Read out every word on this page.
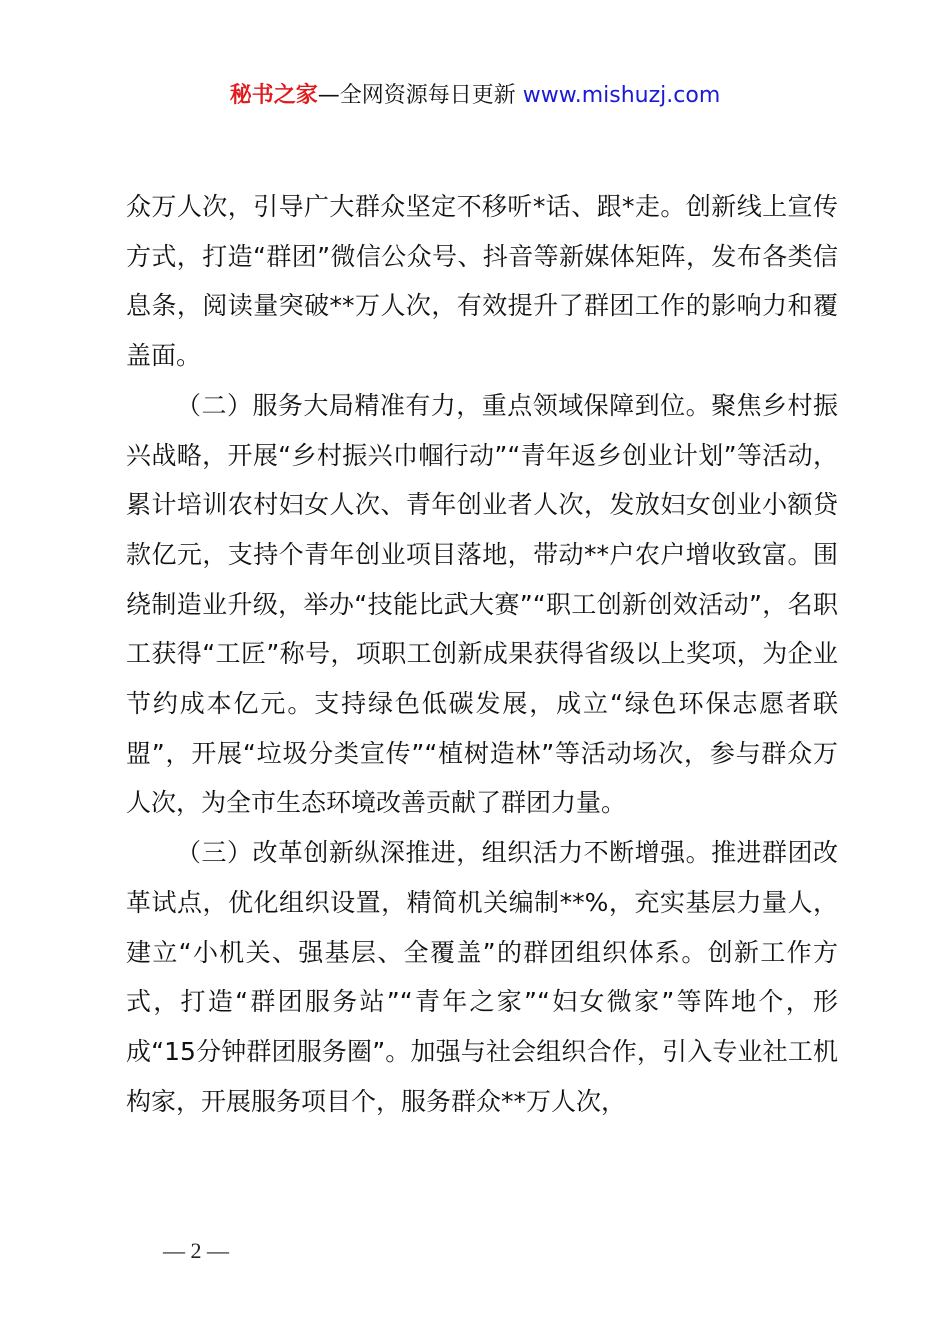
秘书之家—全网资源每日更新 www.mishuzj.com

众万人次，引导广大群众坚定不移听*话、跟*走。创新线上宣传方式，打造“群团”微信公众号、抖音等新媒体矩阵，发布各类信息条，阅读量突破**万人次，有效提升了群团工作的影响力和覆盖面。

（二）服务大局精准有力，重点领域保障到位。聚焦乡村振兴战略，开展“乡村振兴巾帼行动”“青年返乡创业计划”等活动，累计培训农村妇女人次、青年创业者人次，发放妇女创业小额贷款亿元，支持个青年创业项目落地，带动**户农户增收致富。围绕制造业升级，举办“技能比武大赛”“职工创新创效活动”，名职工获得“工匠”称号，项职工创新成果获得省级以上奖项，为企业节约成本亿元。支持绿色低碳发展，成立“绿色环保志愿者联盟”，开展“垃圾分类宣传”“植树造林”等活动场次，参与群众万人次，为全市生态环境改善贡献了群团力量。

（三）改革创新纵深推进，组织活力不断增强。推进群团改革试点，优化组织设置，精简机关编制**%，充实基层力量人，建立“小机关、强基层、全覆盖”的群团组织体系。创新工作方式，打造“群团服务站”“青年之家”“妇女微家”等阵地个，形成“15分钟群团服务圈”。加强与社会组织合作，引入专业社工机构家，开展服务项目个，服务群众**万人次，

— 2 —
